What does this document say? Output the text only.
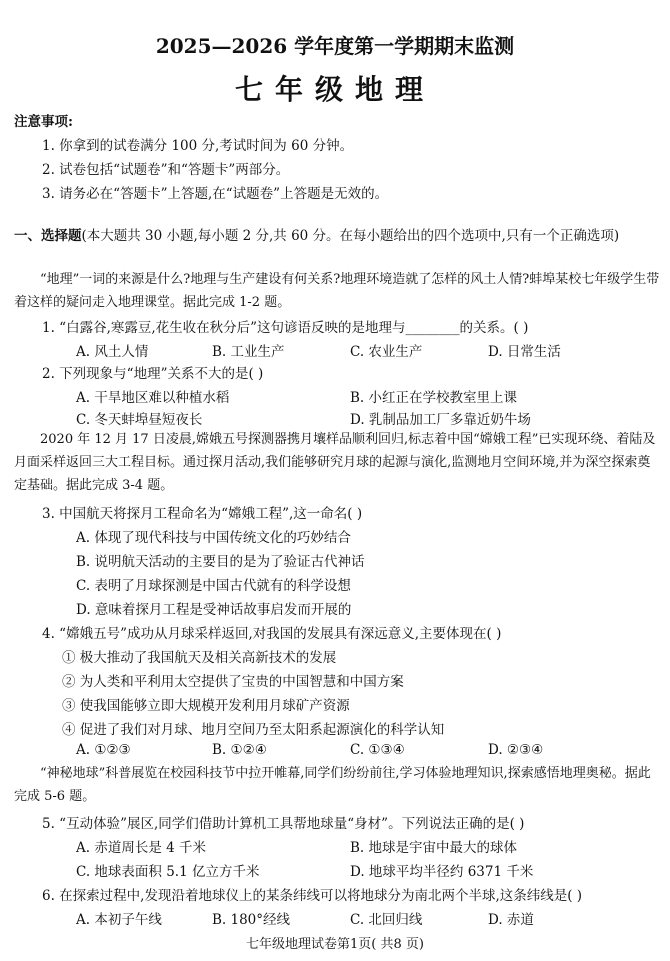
2025—2026 学年度第一学期期末监测
七年级地理
注意事项:
1. 你拿到的试卷满分 100 分,考试时间为 60 分钟。
2. 试卷包括“试题卷”和“答题卡”两部分。
3. 请务必在“答题卡”上答题,在“试题卷”上答题是无效的。
一、选择题(本大题共 30 小题,每小题 2 分,共 60 分。在每小题给出的四个选项中,只有一个正确选项)
“地理”一词的来源是什么?地理与生产建设有何关系?地理环境造就了怎样的风土人情?蚌埠某校七年级学生带着这样的疑问走入地理课堂。据此完成 1-2 题。
1. “白露谷,寒露豆,花生收在秋分后”这句谚语反映的是地理与________的关系。( )
A. 风土人情	B. 工业生产	C. 农业生产	D. 日常生活
2. 下列现象与“地理”关系不大的是( )
A. 干旱地区难以种植水稻	B. 小红正在学校教室里上课
C. 冬天蚌埠昼短夜长	D. 乳制品加工厂多靠近奶牛场
2020 年 12 月 17 日凌晨,嫦娥五号探测器携月壤样品顺利回归,标志着中国“嫦娥工程”已实现环绕、着陆及月面采样返回三大工程目标。通过探月活动,我们能够研究月球的起源与演化,监测地月空间环境,并为深空探索奠定基础。据此完成 3-4 题。
3. 中国航天将探月工程命名为“嫦娥工程”,这一命名( )
A. 体现了现代科技与中国传统文化的巧妙结合
B. 说明航天活动的主要目的是为了验证古代神话
C. 表明了月球探测是中国古代就有的科学设想
D. 意味着探月工程是受神话故事启发而开展的
4. “嫦娥五号”成功从月球采样返回,对我国的发展具有深远意义,主要体现在( )
① 极大推动了我国航天及相关高新技术的发展
② 为人类和平利用太空提供了宝贵的中国智慧和中国方案
③ 使我国能够立即大规模开发利用月球矿产资源
④ 促进了我们对月球、地月空间乃至太阳系起源演化的科学认知
A. ①②③	B. ①②④	C. ①③④	D. ②③④
“神秘地球”科普展览在校园科技节中拉开帷幕,同学们纷纷前往,学习体验地理知识,探索感悟地理奥秘。据此完成 5-6 题。
5. “互动体验”展区,同学们借助计算机工具帮地球量“身材”。下列说法正确的是( )
A. 赤道周长是 4 千米	B. 地球是宇宙中最大的球体
C. 地球表面积 5.1 亿立方千米	D. 地球平均半径约 6371 千米
6. 在探索过程中,发现沿着地球仪上的某条纬线可以将地球分为南北两个半球,这条纬线是( )
A. 本初子午线	B. 180°经线	C. 北回归线	D. 赤道
七年级地理试卷第1页( 共8 页)
